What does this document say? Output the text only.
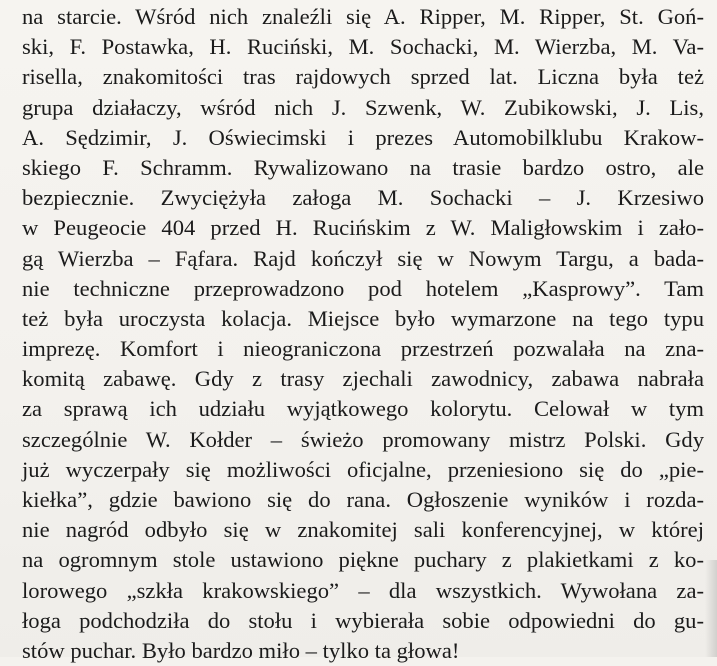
na starcie. Wśród nich znaleźli się A. Ripper, M. Ripper, St. Goń-
ski, F. Postawka, H. Ruciński, M. Sochacki, M. Wierzba, M. Va-
risella, znakomitości tras rajdowych sprzed lat. Liczna była też
grupa działaczy, wśród nich J. Szwenk, W. Zubikowski, J. Lis,
A. Sędzimir, J. Oświecimski i prezes Automobilklubu Krakow-
skiego F. Schramm. Rywalizowano na trasie bardzo ostro, ale
bezpiecznie. Zwyciężyła załoga M. Sochacki – J. Krzesiwo
w Peugeocie 404 przed H. Rucińskim z W. Maligłowskim i zało-
gą Wierzba – Fąfara. Rajd kończył się w Nowym Targu, a bada-
nie techniczne przeprowadzono pod hotelem „Kasprowy”. Tam
też była uroczysta kolacja. Miejsce było wymarzone na tego typu
imprezę. Komfort i nieograniczona przestrzeń pozwalała na zna-
komitą zabawę. Gdy z trasy zjechali zawodnicy, zabawa nabrała
za sprawą ich udziału wyjątkowego kolorytu. Celował w tym
szczególnie W. Kołder – świeżo promowany mistrz Polski. Gdy
już wyczerpały się możliwości oficjalne, przeniesiono się do „pie-
kiełka”, gdzie bawiono się do rana. Ogłoszenie wyników i rozda-
nie nagród odbyło się w znakomitej sali konferencyjnej, w której
na ogromnym stole ustawiono piękne puchary z plakietkami z ko-
lorowego „szkła krakowskiego” – dla wszystkich. Wywołana za-
łoga podchodziła do stołu i wybierała sobie odpowiedni do gu-
stów puchar. Było bardzo miło – tylko ta głowa!
